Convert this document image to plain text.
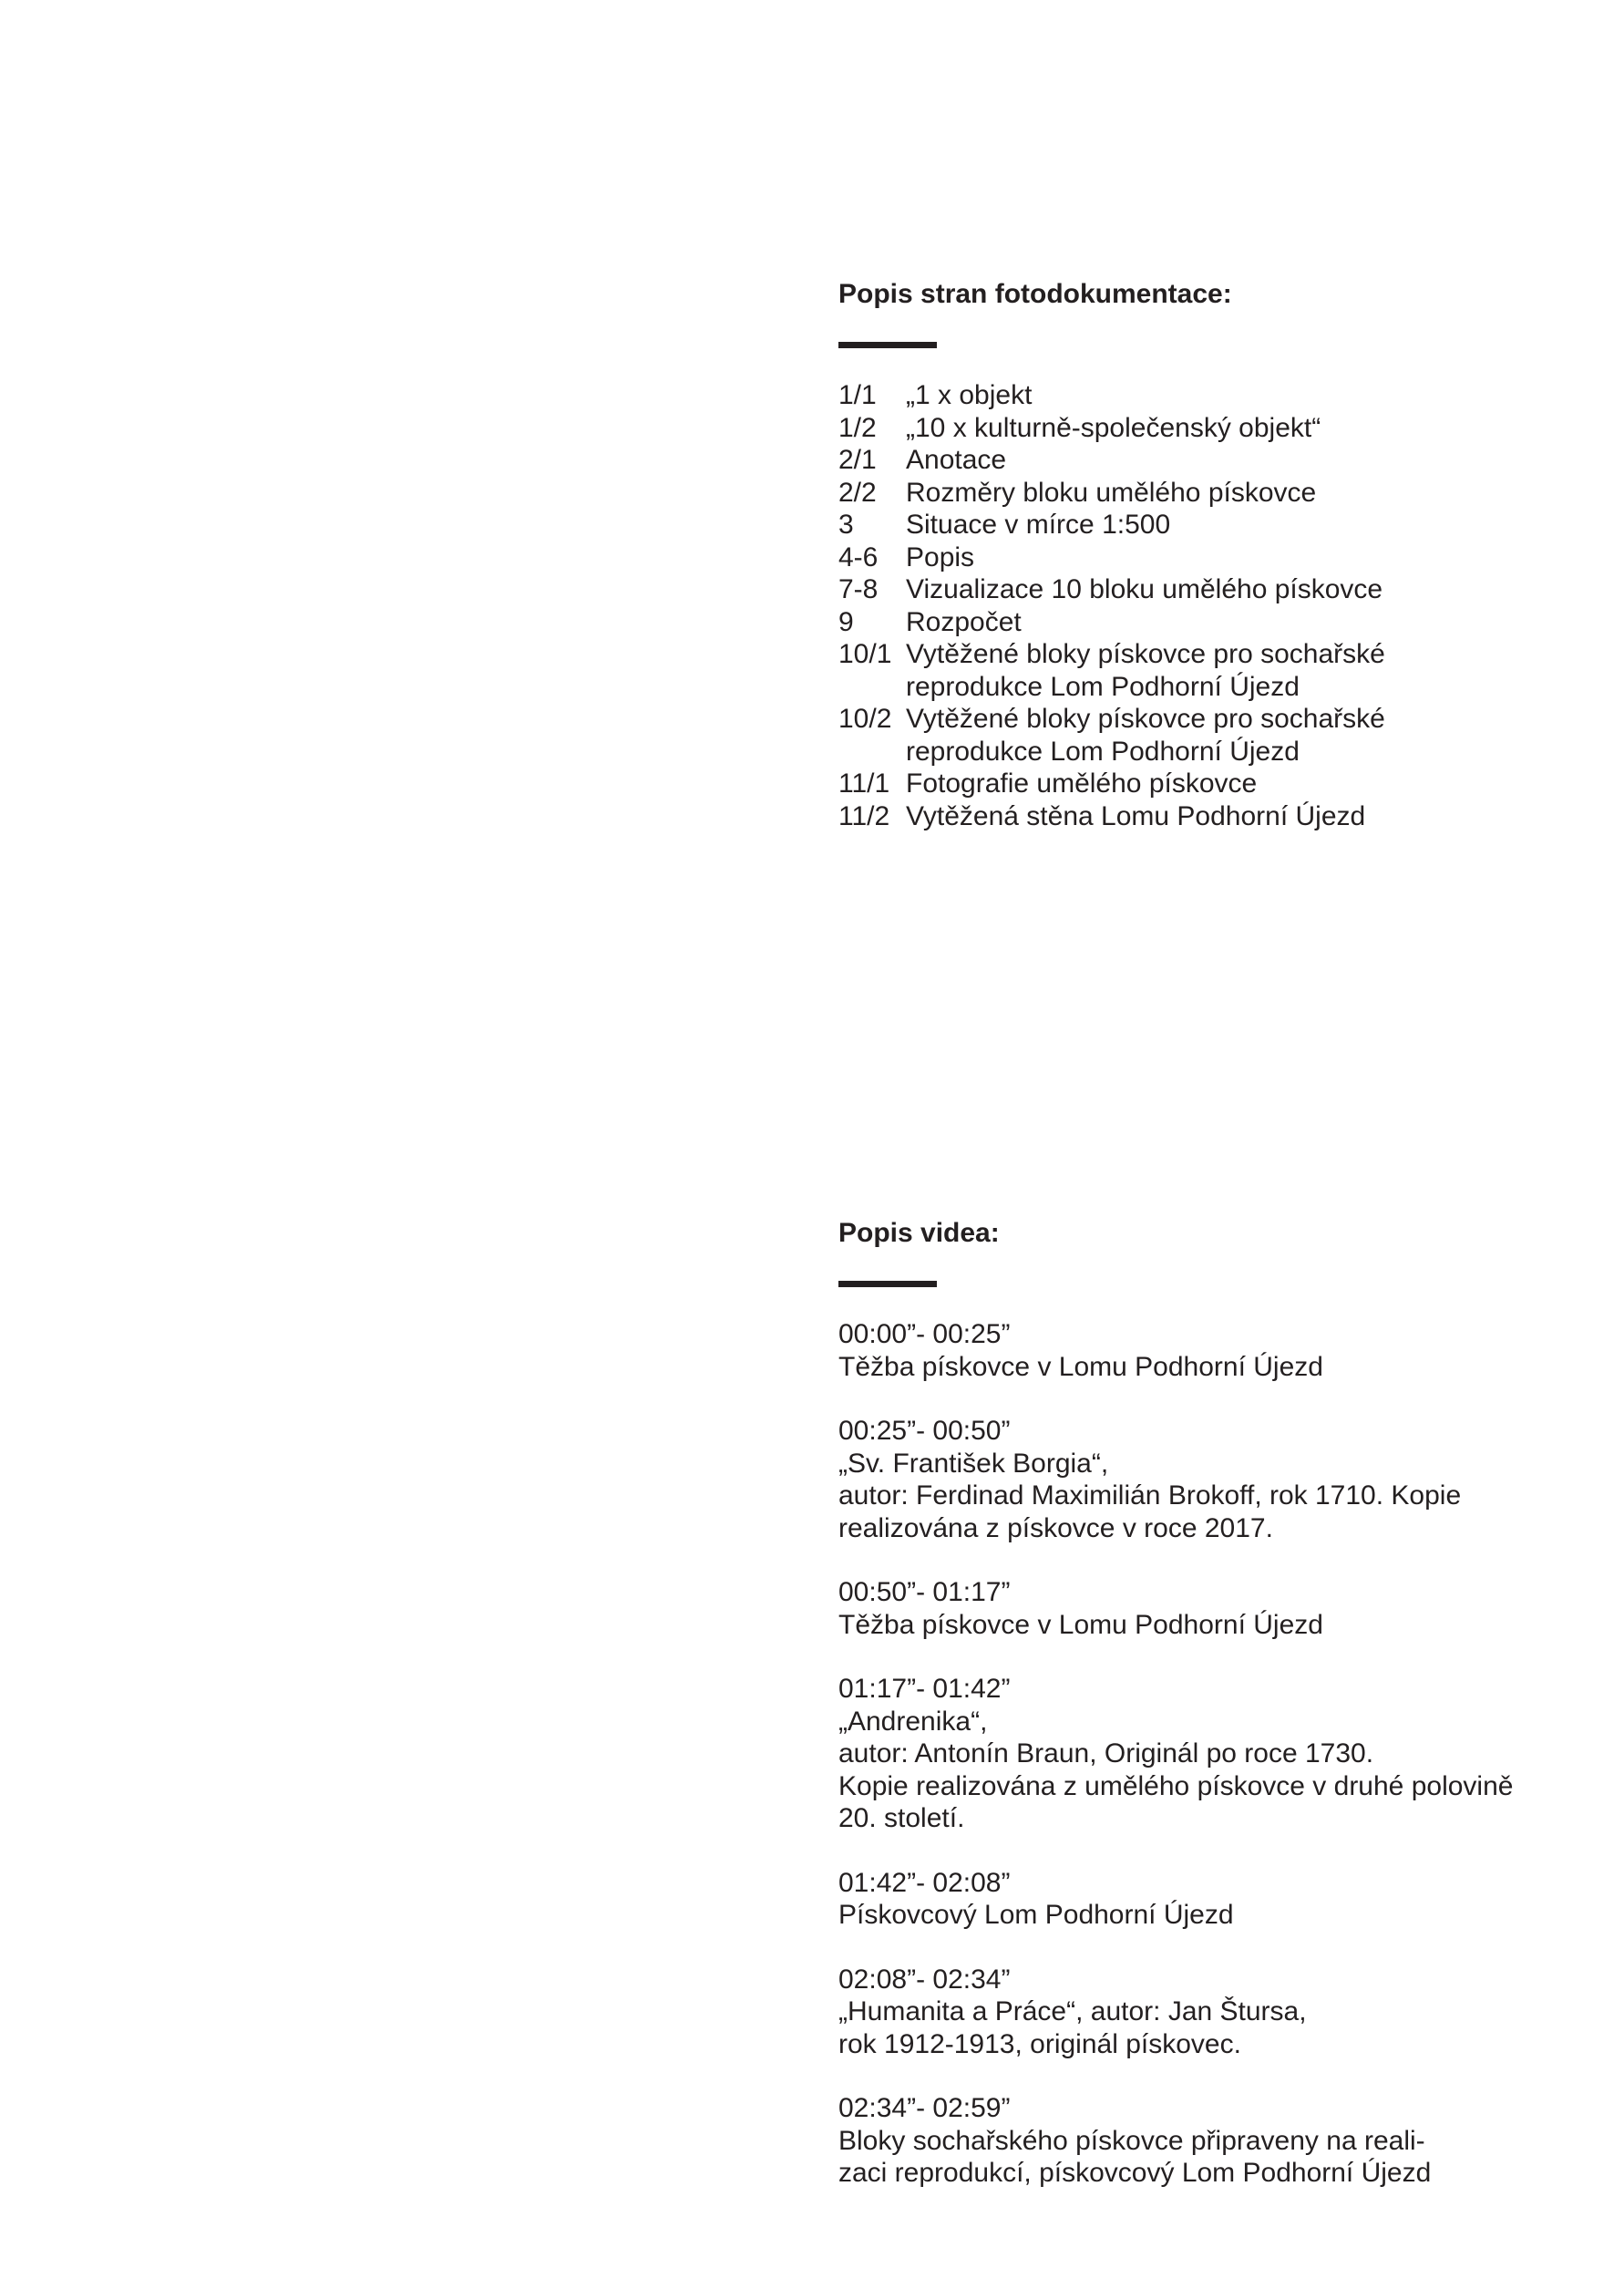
Popis stran fotodokumentace:
1/1	„1 x objekt
1/2	„10 x kulturně-společenský objekt“
2/1	Anotace
2/2	Rozměry bloku umělého pískovce
3	Situace v mírce 1:500
4-6	Popis
7-8	Vizualizace 10 bloku umělého pískovce
9	Rozpočet
10/1 Vytěžené bloky pískovce pro sochařské
reprodukce Lom Podhorní Újezd
10/2 Vytěžené bloky pískovce pro sochařské
reprodukce Lom Podhorní Újezd
11/1 Fotografie umělého pískovce
11/2 Vytěžená stěna Lomu Podhorní Újezd
Popis videa:
00:00”- 00:25”
Těžba pískovce v Lomu Podhorní Újezd
00:25”- 00:50”
„Sv. František Borgia“,
autor: Ferdinad Maximilián Brokoff, rok 1710. Kopie
realizována z pískovce v roce 2017.
00:50”- 01:17”
Těžba pískovce v Lomu Podhorní Újezd
01:17”- 01:42”
„Andrenika“,
autor: Antonín Braun, Originál po roce 1730.
Kopie realizována z umělého pískovce v druhé polovině
20. století.
01:42”- 02:08”
Pískovcový Lom Podhorní Újezd
02:08”- 02:34”
„Humanita a Práce“, autor: Jan Štursa,
rok 1912-1913, originál pískovec.
02:34”- 02:59”
Bloky sochařského pískovce připraveny na reali-
zaci reprodukcí, pískovcový Lom Podhorní Újezd
